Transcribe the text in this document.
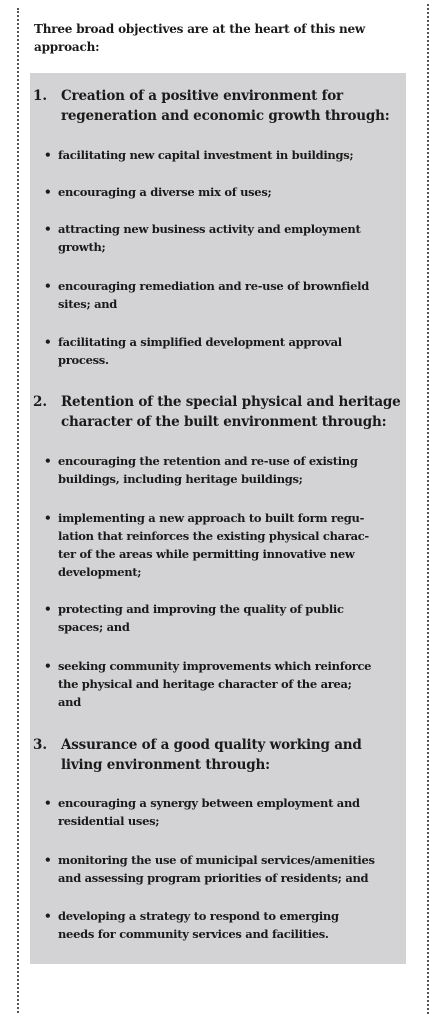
Three broad objectives are at the heart of this new
approach:
1. Creation of a positive environment for
regeneration and economic growth through:
• facilitating new capital investment in buildings;
• encouraging a diverse mix of uses;
• attracting new business activity and employment
growth;
• encouraging remediation and re-use of brownfield
sites; and
• facilitating a simplified development approval
process.
2. Retention of the special physical and heritage
character of the built environment through:
• encouraging the retention and re-use of existing
buildings, including heritage buildings;
• implementing a new approach to built form regu-
lation that reinforces the existing physical charac-
ter of the areas while permitting innovative new
development;
• protecting and improving the quality of public
spaces; and
• seeking community improvements which reinforce
the physical and heritage character of the area;
and
3. Assurance of a good quality working and
living environment through:
• encouraging a synergy between employment and
residential uses;
• monitoring the use of municipal services/amenities
and assessing program priorities of residents; and
• developing a strategy to respond to emerging
needs for community services and facilities.
